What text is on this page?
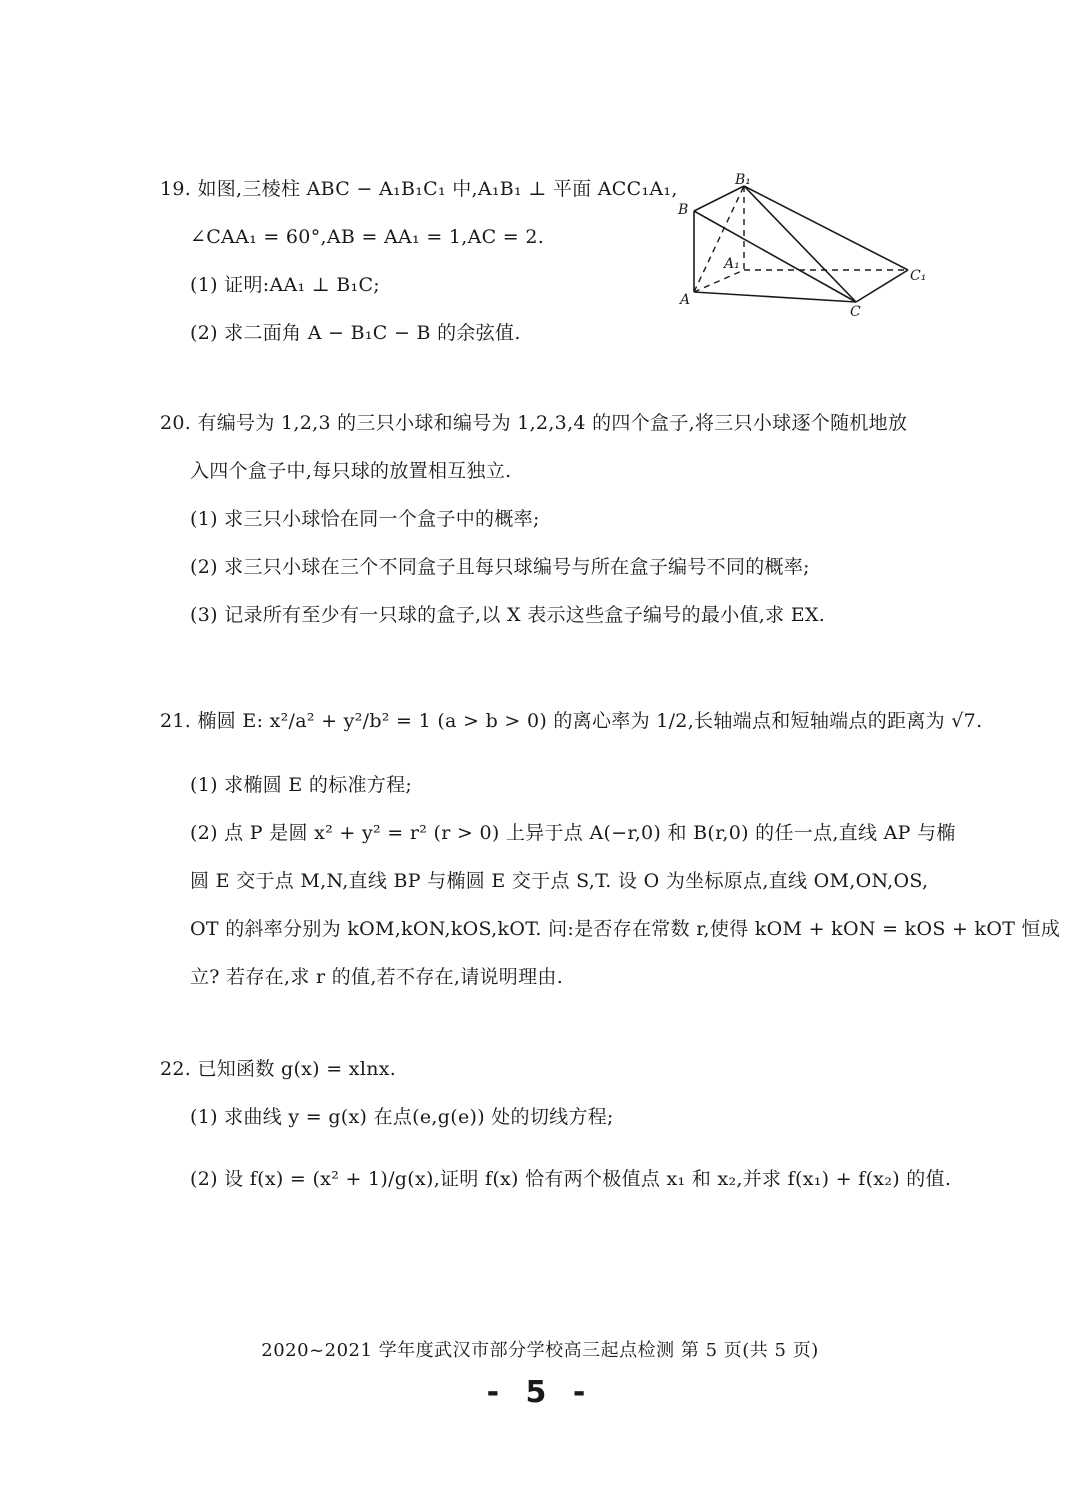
19. 如图,三棱柱 ABC − A₁B₁C₁ 中,A₁B₁ ⊥ 平面 ACC₁A₁,
∠CAA₁ = 60°,AB = AA₁ = 1,AC = 2.
(1) 证明:AA₁ ⊥ B₁C;
(2) 求二面角 A − B₁C − B 的余弦值.
B₁
B
A₁
C₁
A
C
20. 有编号为 1,2,3 的三只小球和编号为 1,2,3,4 的四个盒子,将三只小球逐个随机地放
入四个盒子中,每只球的放置相互独立.
(1) 求三只小球恰在同一个盒子中的概率;
(2) 求三只小球在三个不同盒子且每只球编号与所在盒子编号不同的概率;
(3) 记录所有至少有一只球的盒子,以 X 表示这些盒子编号的最小值,求 EX.
21. 椭圆 E: x²/a² + y²/b² = 1 (a > b > 0) 的离心率为 1/2,长轴端点和短轴端点的距离为 √7.
(1) 求椭圆 E 的标准方程;
(2) 点 P 是圆 x² + y² = r² (r > 0) 上异于点 A(−r,0) 和 B(r,0) 的任一点,直线 AP 与椭
圆 E 交于点 M,N,直线 BP 与椭圆 E 交于点 S,T. 设 O 为坐标原点,直线 OM,ON,OS,
OT 的斜率分别为 kOM,kON,kOS,kOT. 问:是否存在常数 r,使得 kOM + kON = kOS + kOT 恒成
立? 若存在,求 r 的值,若不存在,请说明理由.
22. 已知函数 g(x) = xlnx.
(1) 求曲线 y = g(x) 在点(e,g(e)) 处的切线方程;
(2) 设 f(x) = (x² + 1)/g(x),证明 f(x) 恰有两个极值点 x₁ 和 x₂,并求 f(x₁) + f(x₂) 的值.
2020~2021 学年度武汉市部分学校高三起点检测 第 5 页(共 5 页)
- 5 -
